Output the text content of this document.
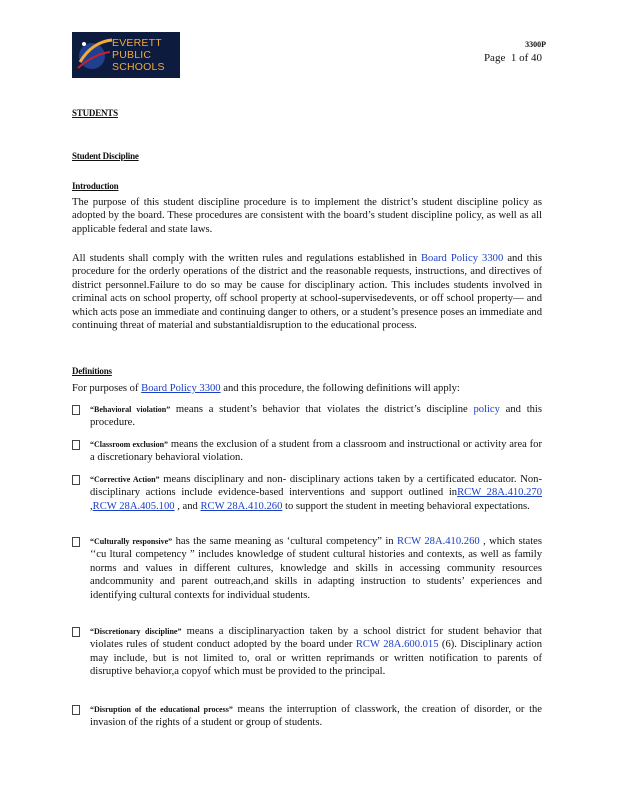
EVERETT
PUBLIC
SCHOOLS
3300P
Page 1 of 40
STUDENTS
Student Discipline
Introduction
The purpose of this student discipline procedure is to implement the district’s student discipline policy as adopted by the board. These procedures are consistent with the board’s student discipline policy, as well as all applicable federal and state laws.
All students shall comply with the written rules and regulations established in Board Policy 3300 and this procedure for the orderly operations of the district and the reasonable requests, instructions, and directives of district personnel.Failure to do so may be cause for disciplinary action. This includes students involved in criminal acts on school property, off school property at school-supervisedevents, or off school property— and which acts pose an immediate and continuing danger to others, or a student’s presence poses an immediate and continuing threat of material and substantialdisruption to the educational process.
Definitions
For purposes of Board Policy 3300 and this procedure, the following definitions will apply:
“Behavioral violation” means a student’s behavior that violates the district’s discipline policy and this procedure.
“Classroom exclusion” means the exclusion of a student from a classroom and instructional or activity area for a discretionary behavioral violation.
“Corrective Action” means disciplinary and non- disciplinary actions taken by a certificated educator. Non-disciplinary actions include evidence-based interventions and support outlined inRCW 28A.410.270 ,RCW 28A.405.100 , and RCW 28A.410.260 to support the student in meeting behavioral expectations.
“Culturally responsive” has the same meaning as ‘cultural competency” in RCW 28A.410.260 , which states ‘‘cu ltural competency ” includes knowledge of student cultural histories and contexts, as well as family norms and values in different cultures, knowledge and skills in accessing community resources andcommunity and parent outreach,and skills in adapting instruction to students’ experiences and identifying cultural contexts for individual students.
“Discretionary discipline” means a disciplinaryaction taken by a school district for student behavior that violates rules of student conduct adopted by the board under RCW 28A.600.015 (6). Disciplinary action may include, but is not limited to, oral or written reprimands or written notification to parents of disruptive behavior,a copyof which must be provided to the principal.
“Disruption of the educational process” means the interruption of classwork, the creation of disorder, or the invasion of the rights of a student or group of students.
